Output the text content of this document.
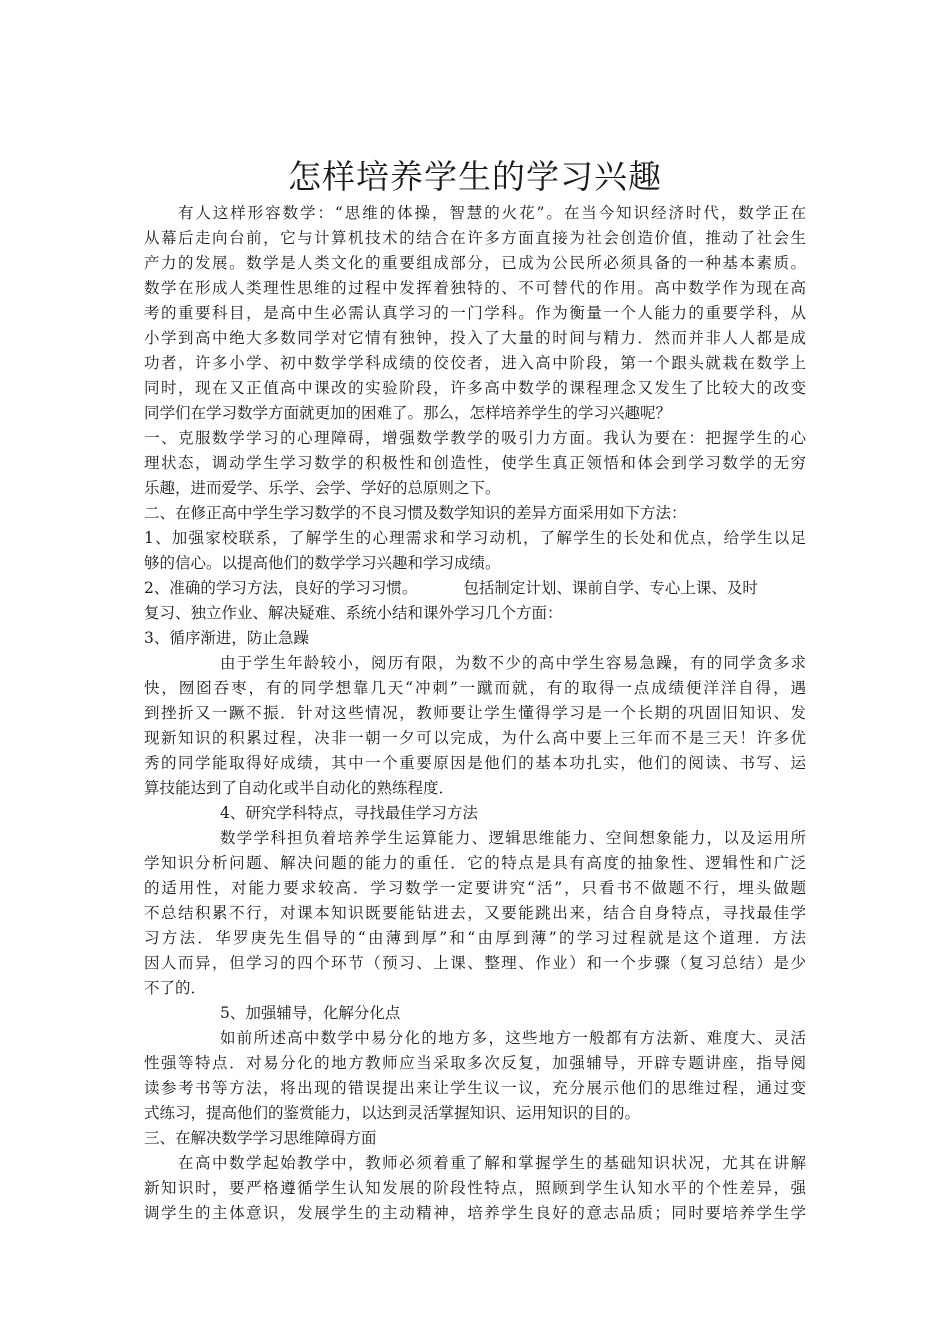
怎样培养学生的学习兴趣
有人这样形容数学：“思维的体操，智慧的火花”。在当今知识经济时代，数学正在
从幕后走向台前，它与计算机技术的结合在许多方面直接为社会创造价值，推动了社会生
产力的发展。数学是人类文化的重要组成部分，已成为公民所必须具备的一种基本素质。
数学在形成人类理性思维的过程中发挥着独特的、不可替代的作用。高中数学作为现在高
考的重要科目，是高中生必需认真学习的一门学科。作为衡量一个人能力的重要学科，从
小学到高中绝大多数同学对它情有独钟，投入了大量的时间与精力．然而并非人人都是成
功者，许多小学、初中数学学科成绩的佼佼者，进入高中阶段，第一个跟头就栽在数学上
同时，现在又正值高中课改的实验阶段，许多高中数学的课程理念又发生了比较大的改变
同学们在学习数学方面就更加的困难了。那么，怎样培养学生的学习兴趣呢？
一、克服数学学习的心理障碍，增强数学教学的吸引力方面。我认为要在：把握学生的心
理状态，调动学生学习数学的积极性和创造性，使学生真正领悟和体会到学习数学的无穷
乐趣，进而爱学、乐学、会学、学好的总原则之下。
二、在修正高中学生学习数学的不良习惯及数学知识的差异方面采用如下方法：
1、加强家校联系，了解学生的心理需求和学习动机，了解学生的长处和优点，给学生以足
够的信心。以提高他们的数学学习兴趣和学习成绩。
2、准确的学习方法，良好的学习习惯。	包括制定计划、课前自学、专心上课、及时
复习、独立作业、解决疑难、系统小结和课外学习几个方面：
3、循序渐进，防止急躁
由于学生年龄较小，阅历有限，为数不少的高中学生容易急躁，有的同学贪多求
快，囫囵吞枣，有的同学想靠几天“冲刺”一蹴而就，有的取得一点成绩便洋洋自得，遇
到挫折又一蹶不振．针对这些情况，教师要让学生懂得学习是一个长期的巩固旧知识、发
现新知识的积累过程，决非一朝一夕可以完成，为什么高中要上三年而不是三天！许多优
秀的同学能取得好成绩，其中一个重要原因是他们的基本功扎实，他们的阅读、书写、运
算技能达到了自动化或半自动化的熟练程度．
4、研究学科特点，寻找最佳学习方法
数学学科担负着培养学生运算能力、逻辑思维能力、空间想象能力，以及运用所
学知识分析问题、解决问题的能力的重任．它的特点是具有高度的抽象性、逻辑性和广泛
的适用性，对能力要求较高．学习数学一定要讲究“活”，只看书不做题不行，埋头做题
不总结积累不行，对课本知识既要能钻进去，又要能跳出来，结合自身特点，寻找最佳学
习方法．华罗庚先生倡导的“由薄到厚”和“由厚到薄”的学习过程就是这个道理．方法
因人而异，但学习的四个环节（预习、上课、整理、作业）和一个步骤（复习总结）是少
不了的．
5、加强辅导，化解分化点
如前所述高中数学中易分化的地方多，这些地方一般都有方法新、难度大、灵活
性强等特点．对易分化的地方教师应当采取多次反复，加强辅导，开辟专题讲座，指导阅
读参考书等方法，将出现的错误提出来让学生议一议，充分展示他们的思维过程，通过变
式练习，提高他们的鉴赏能力，以达到灵活掌握知识、运用知识的目的。
三、在解决数学学习思维障碍方面
在高中数学起始教学中，教师必须着重了解和掌握学生的基础知识状况，尤其在讲解
新知识时，要严格遵循学生认知发展的阶段性特点，照顾到学生认知水平的个性差异，强
调学生的主体意识，发展学生的主动精神，培养学生良好的意志品质；同时要培养学生学
